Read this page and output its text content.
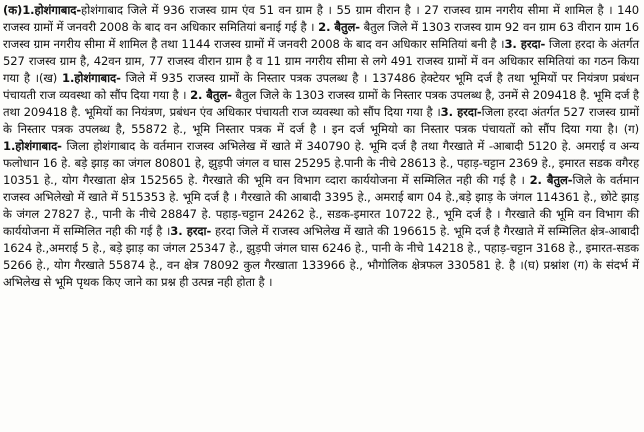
(क)1.होशंगाबाद-होशंगाबाद जिले में 936 राजस्व ग्राम एंव 51 वन ग्राम है । 55 ग्राम वीरान है । 27 राजस्व ग्राम नगरीय सीमा में शामिल है । 140 राजस्व ग्रामों में जनवरी 2008 के बाद वन अधिकार समितियां बनाई गई है । 2. बैतुल- बैतुल जिले में 1303 राजस्व ग्राम 92 वन ग्राम 63 वीरान ग्राम 16 राजस्व ग्राम नगरीय सीमा में शामिल है तथा 1144 राजस्व ग्रामों में जनवरी 2008 के बाद वन अधिकार समितियां बनी है ।3. हरदा- जिला हरदा के अंतर्गत 527 राजस्व ग्राम है, 42वन ग्राम, 77 राजस्व वीरान ग्राम है व 11 ग्राम नगरीय सीमा से लगे 491 राजस्व ग्रामों में वन अधिकार समितियां का गठन किया गया है ।(ख) 1.होशंगाबाद- जिले में 935 राजस्व ग्रामों के निस्तार पत्रक उपलब्ध है । 137486 हेक्टेयर भूमि दर्ज है तथा भूमियों पर नियंत्रण प्रबंधन पंचायती राज व्यवस्था को सौंप दिया गया है । 2. बैतुल- बैतुल जिले के 1303 राजस्व ग्रामों के निस्तार पत्रक उपलब्ध है, उनमें से 209418 है. भूमि दर्ज है तथा 209418 है. भूमियों का नियंत्रण, प्रबंधन एंव अधिकार पंचायती राज व्यवस्था को सौंप दिया गया है ।3. हरदा-जिला हरदा अंतर्गत 527 राजस्व ग्रामों के निस्तार पत्रक उपलब्ध है, 55872 हे., भूमि निस्तार पत्रक में दर्ज है । इन दर्ज भूमियो का निस्तार पत्रक पंचायतों को सौंप दिया गया है। (ग) 1.होशंगाबाद- जिला होशंगाबाद के वर्तमान राजस्व अभिलेख में खाते में 340790 हे. भूमि दर्ज है तथा गैरखाते में -आबादी 5120 हे. अमराई व अन्य फलोधान 16 हे. बड़े झाड़ का जंगल 80801 हे, झुड़पी जंगल व घास 25295 हे.पानी के नीचे 28613 हे., पहाड़-चट्टान 2369 हे., इमारत सडक वगैरह 10351 हे., योग गैरखाता क्षेत्र 152565 हे. गैरखाते की भूमि वन विभाग व्दारा कार्ययोजना में सम्मिलित नही की गई है । 2. बैतुल-जिले के वर्तमान राजस्व अभिलेखो में खाते में 515353 हे. भूमि दर्ज है । गैरखाते की आबादी 3395 हे., अमराई बाग 04 हे.,बड़े झाड़ के जंगल 114361 हे., छोटे झाड़ के जंगल 27827 हे., पानी के नीचे 28847 हे. पहाड़-चट्टान 24262 हे., सडक-इमारत 10722 हे., भूमि दर्ज है । गैरखाते की भूमि वन विभाग की कार्ययोजना में सम्मिलित नही की गई है ।3. हरदा- हरदा जिले में राजस्व अभिलेख में खाते की 196615 हे. भूमि दर्ज है गैरखाते में सम्मिलित क्षेत्र-आबादी 1624 हे.,अमराई 5 हे., बड़े झाड़ का जंगल 25347 हे., झुड़पी जंगल घास 6246 हे., पानी के नीचे 14218 हे., पहाड़-चट्टान 3168 हे., इमारत-सडक 5266 हे., योग गैरखाते 55874 हे., वन क्षेत्र 78092 कुल गैरखाता 133966 हे., भौगोलिक क्षेत्रफल 330581 हे. है ।(घ) प्रश्नांश (ग) के संदर्भ में अभिलेख से भूमि पृथक किए जाने का प्रश्न ही उत्पन्न नही होता है ।
